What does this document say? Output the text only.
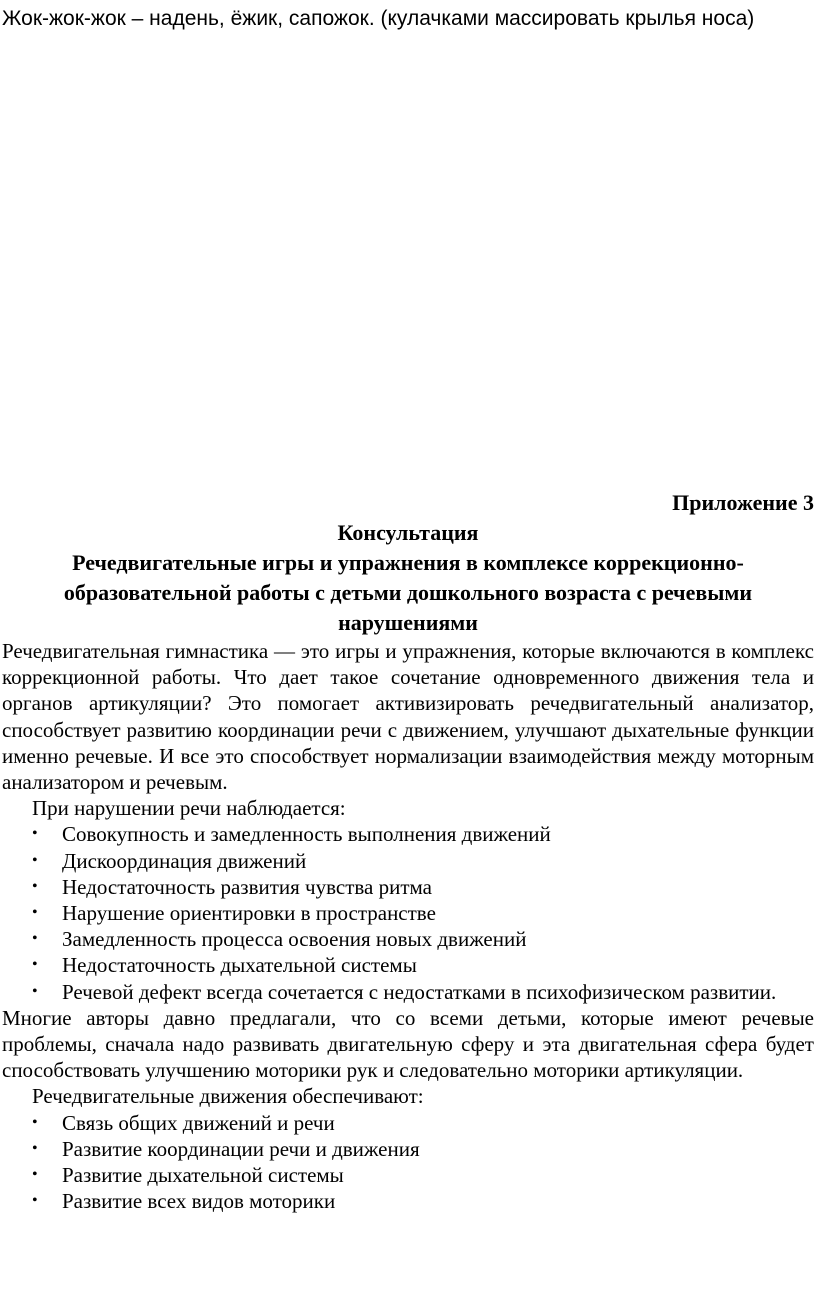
Жок-жок-жок – надень, ёжик, сапожок. (кулачками массировать крылья носа)

Приложение 3

Консультация

Речедвигательные игры и упражнения в комплексе коррекционно-образовательной работы с детьми дошкольного возраста с речевыми нарушениями

Речедвигательная гимнастика — это игры и упражнения, которые включаются в комплекс коррекционной работы. Что дает такое сочетание одновременного движения тела и органов артикуляции? Это помогает активизировать речедвигательный анализатор, способствует развитию координации речи с движением, улучшают дыхательные функции именно речевые. И все это способствует нормализации взаимодействия между моторным анализатором и речевым.

При нарушении речи наблюдается:

• Совокупность и замедленность выполнения движений
• Дискоординация движений
• Недостаточность развития чувства ритма
• Нарушение ориентировки в пространстве
• Замедленность процесса освоения новых движений
• Недостаточность дыхательной системы
• Речевой дефект всегда сочетается с недостатками в психофизическом развитии.

Многие авторы давно предлагали, что со всеми детьми, которые имеют речевые проблемы, сначала надо развивать двигательную сферу и эта двигательная сфера будет способствовать улучшению моторики рук и следовательно моторики артикуляции.

Речедвигательные движения обеспечивают:

• Связь общих движений и речи
• Развитие координации речи и движения
• Развитие дыхательной системы
• Развитие всех видов моторики
